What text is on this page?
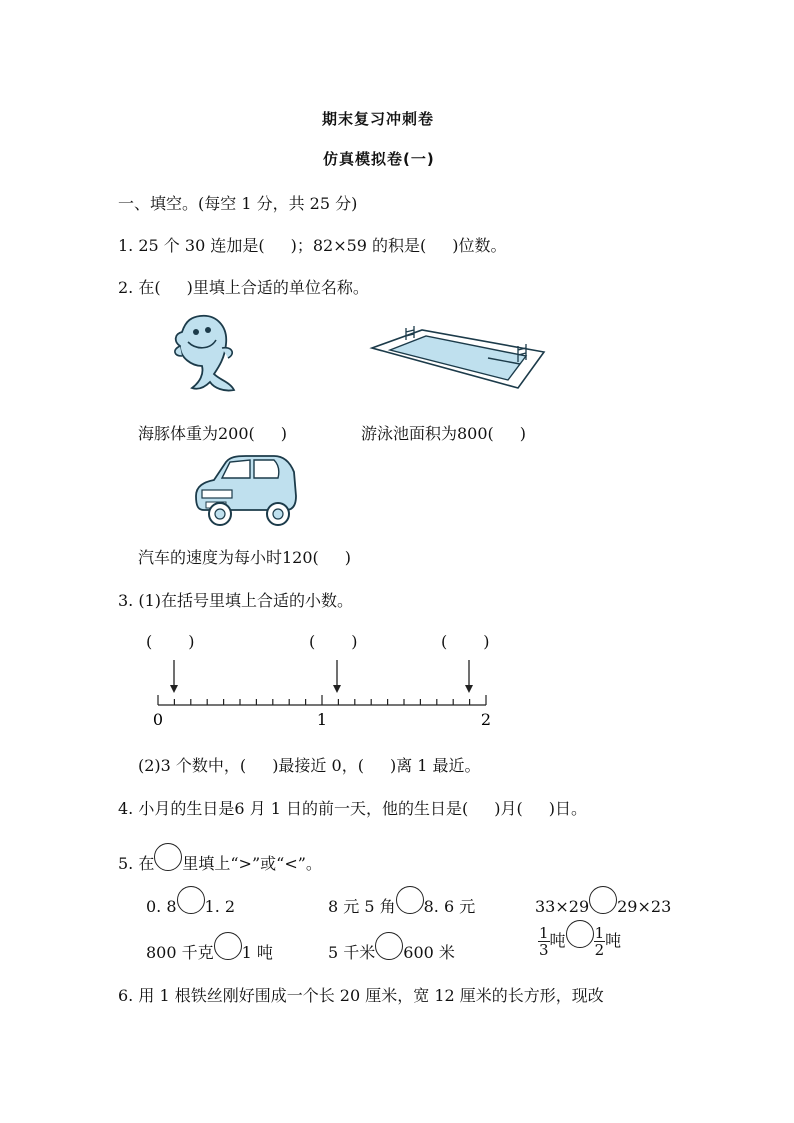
期末复习冲刺卷
仿真模拟卷(一)
一、填空。(每空 1 分，共 25 分)
1. 25 个 30 连加是( )；82×59 的积是( )位数。
2. 在( )里填上合适的单位名称。
海豚体重为200( )	游泳池面积为800( )
汽车的速度为每小时120( )
3. (1)在括号里填上合适的小数。
( )	( )	( )
0	1	2
(2)3 个数中，( )最接近 0，( )离 1 最近。
4. 小月的生日是6 月 1 日的前一天，他的生日是( )月( )日。
5. 在 里填上“>”或“<”。
0. 8 1. 2	8 元 5 角 8. 6 元	33×29 29×23
800 千克 1 吨	5 千米 600 米	$\frac{1}{3}$ 吨 $\frac{1}{2}$ 吨
6. 用 1 根铁丝刚好围成一个长 20 厘米，宽 12 厘米的长方形，现改
